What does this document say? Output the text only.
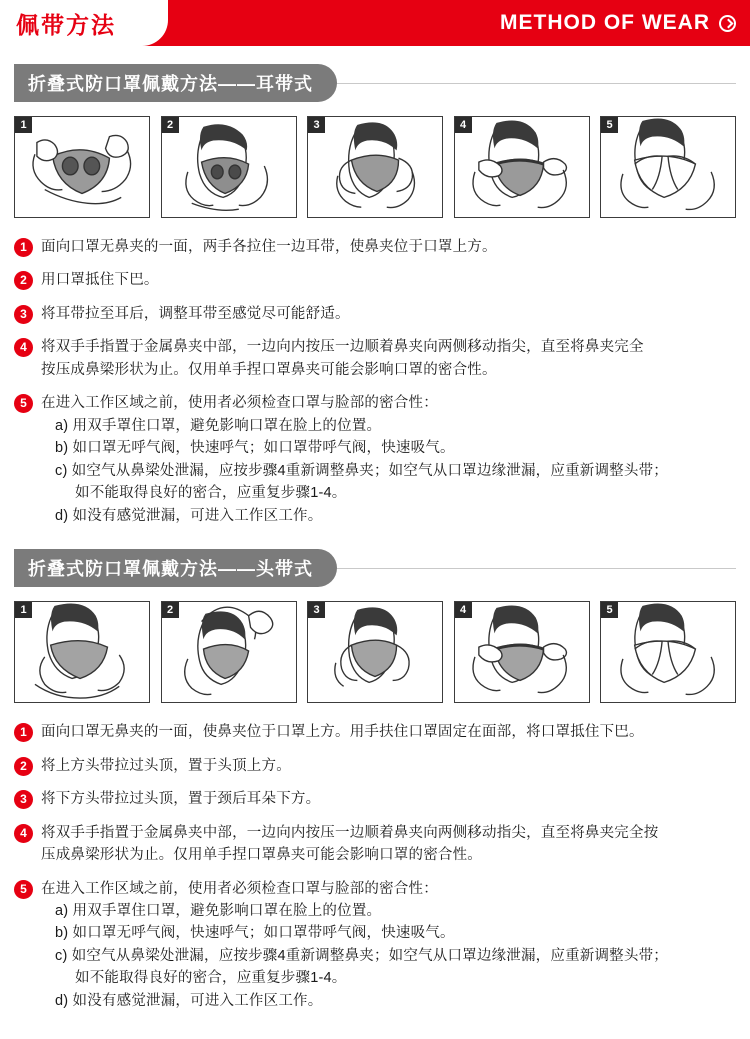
佩带方法	METHOD OF WEAR
折叠式防口罩佩戴方法——耳带式
1	2	3	4	5
1 面向口罩无鼻夹的一面，两手各拉住一边耳带，使鼻夹位于口罩上方。
2 用口罩抵住下巴。
3 将耳带拉至耳后，调整耳带至感觉尽可能舒适。
4 将双手手指置于金属鼻夹中部，一边向内按压一边顺着鼻夹向两侧移动指尖，直至将鼻夹完全
按压成鼻梁形状为止。仅用单手捏口罩鼻夹可能会影响口罩的密合性。
5 在进入工作区域之前，使用者必须检查口罩与脸部的密合性：
a) 用双手罩住口罩，避免影响口罩在脸上的位置。
b) 如口罩无呼气阀，快速呼气；如口罩带呼气阀，快速吸气。
c) 如空气从鼻梁处泄漏，应按步骤4重新调整鼻夹；如空气从口罩边缘泄漏，应重新调整头带；
如不能取得良好的密合，应重复步骤1-4。
d) 如没有感觉泄漏，可进入工作区工作。
折叠式防口罩佩戴方法——头带式
1	2	3	4	5
1 面向口罩无鼻夹的一面，使鼻夹位于口罩上方。用手扶住口罩固定在面部，将口罩抵住下巴。
2 将上方头带拉过头顶，置于头顶上方。
3 将下方头带拉过头顶，置于颈后耳朵下方。
4 将双手手指置于金属鼻夹中部，一边向内按压一边顺着鼻夹向两侧移动指尖，直至将鼻夹完全按
压成鼻梁形状为止。仅用单手捏口罩鼻夹可能会影响口罩的密合性。
5 在进入工作区域之前，使用者必须检查口罩与脸部的密合性：
a) 用双手罩住口罩，避免影响口罩在脸上的位置。
b) 如口罩无呼气阀，快速呼气；如口罩带呼气阀，快速吸气。
c) 如空气从鼻梁处泄漏，应按步骤4重新调整鼻夹；如空气从口罩边缘泄漏，应重新调整头带；
如不能取得良好的密合，应重复步骤1-4。
d) 如没有感觉泄漏，可进入工作区工作。
